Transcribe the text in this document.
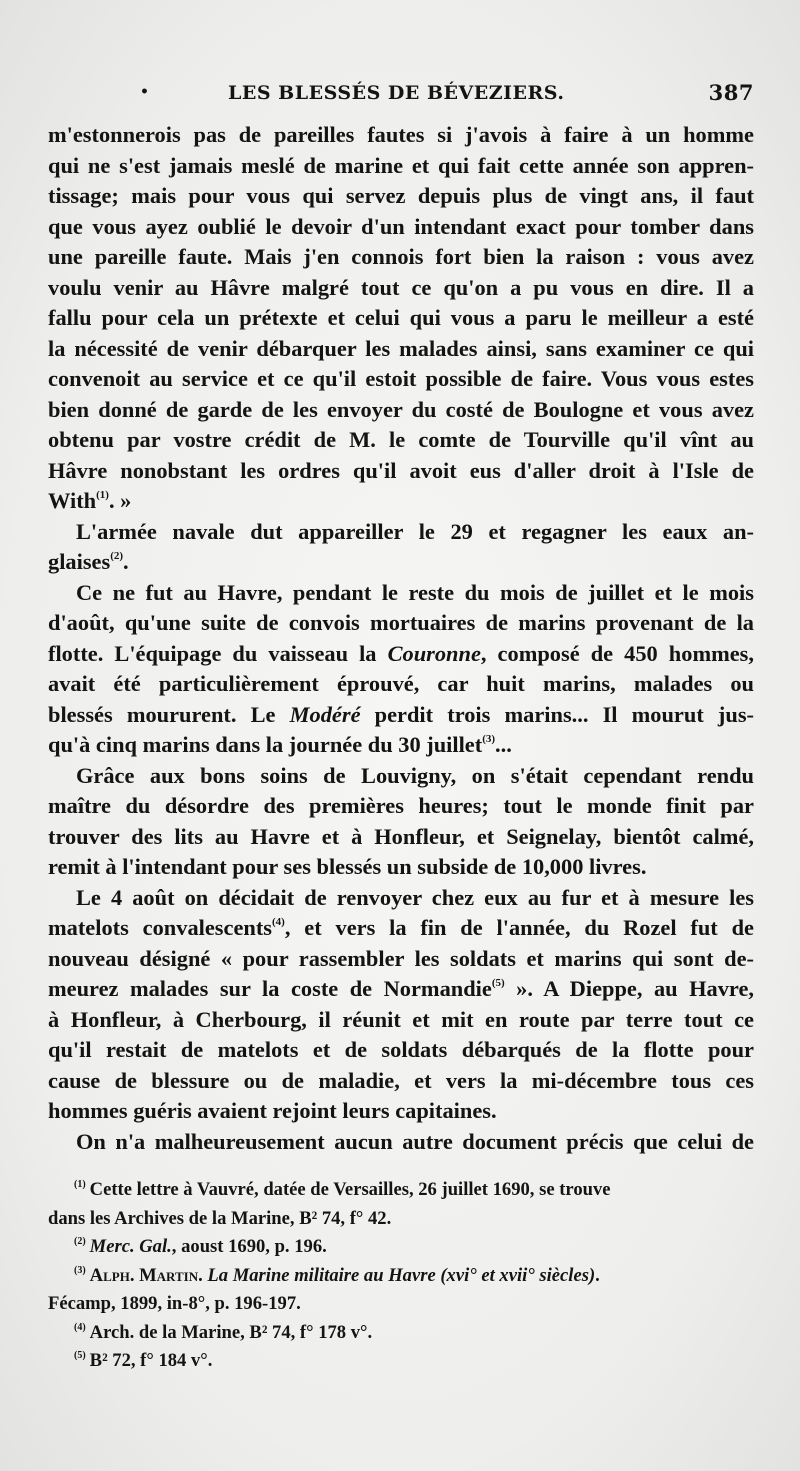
•	LES BLESSÉS DE BÉVEZIERS.	387
m'estonnerois pas de pareilles fautes si j'avois à faire à un homme
qui ne s'est jamais meslé de marine et qui fait cette année son appren-
tissage; mais pour vous qui servez depuis plus de vingt ans, il faut
que vous ayez oublié le devoir d'un intendant exact pour tomber dans
une pareille faute. Mais j'en connois fort bien la raison : vous avez
voulu venir au Hâvre malgré tout ce qu'on a pu vous en dire. Il a
fallu pour cela un prétexte et celui qui vous a paru le meilleur a esté
la nécessité de venir débarquer les malades ainsi, sans examiner ce qui
convenoit au service et ce qu'il estoit possible de faire. Vous vous estes
bien donné de garde de les envoyer du costé de Boulogne et vous avez
obtenu par vostre crédit de M. le comte de Tourville qu'il vînt au
Hâvre nonobstant les ordres qu'il avoit eus d'aller droit à l'Isle de
With$^{(1)}$. »
L'armée navale dut appareiller le 29 et regagner les eaux an-
glaises$^{(2)}$.
Ce ne fut au Havre, pendant le reste du mois de juillet et le mois
d'août, qu'une suite de convois mortuaires de marins provenant de la
flotte. L'équipage du vaisseau la Couronne, composé de 450 hommes,
avait été particulièrement éprouvé, car huit marins, malades ou
blessés moururent. Le Modéré perdit trois marins... Il mourut jus-
qu'à cinq marins dans la journée du 30 juillet$^{(3)}$...
Grâce aux bons soins de Louvigny, on s'était cependant rendu
maître du désordre des premières heures; tout le monde finit par
trouver des lits au Havre et à Honfleur, et Seignelay, bientôt calmé,
remit à l'intendant pour ses blessés un subside de 10,000 livres.
Le 4 août on décidait de renvoyer chez eux au fur et à mesure les
matelots convalescents$^{(4)}$, et vers la fin de l'année, du Rozel fut de
nouveau désigné « pour rassembler les soldats et marins qui sont de-
meurez malades sur la coste de Normandie$^{(5)}$ ». A Dieppe, au Havre,
à Honfleur, à Cherbourg, il réunit et mit en route par terre tout ce
qu'il restait de matelots et de soldats débarqués de la flotte pour
cause de blessure ou de maladie, et vers la mi-décembre tous ces
hommes guéris avaient rejoint leurs capitaines.
On n'a malheureusement aucun autre document précis que celui de
$^{(1)}$ Cette lettre à Vauvré, datée de Versailles, 26 juillet 1690, se trouve
dans les Archives de la Marine, B² 74, f° 42.
$^{(2)}$ Merc. Gal., aoust 1690, p. 196.
$^{(3)}$ Alph. Martin. La Marine militaire au Havre (xvi° et xvii° siècles).
Fécamp, 1899, in-8°, p. 196-197.
$^{(4)}$ Arch. de la Marine, B² 74, f° 178 v°.
$^{(5)}$ B² 72, f° 184 v°.
